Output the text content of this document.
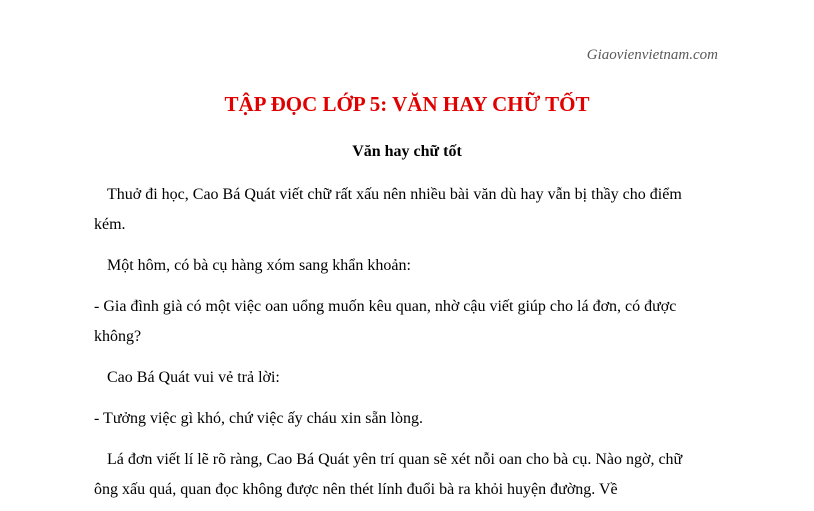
Giaovienvietnam.com
TẬP ĐỌC LỚP 5: VĂN HAY CHỮ TỐT
Văn hay chữ tốt

Thuở đi học, Cao Bá Quát viết chữ rất xấu nên nhiều bài văn dù hay vẫn bị thầy cho điểm kém.

Một hôm, có bà cụ hàng xóm sang khẩn khoản:

- Gia đình già có một việc oan uổng muốn kêu quan, nhờ cậu viết giúp cho lá đơn, có được không?

Cao Bá Quát vui vẻ trả lời:

- Tưởng việc gì khó, chứ việc ấy cháu xin sẵn lòng.

Lá đơn viết lí lẽ rõ ràng, Cao Bá Quát yên trí quan sẽ xét nỗi oan cho bà cụ. Nào ngờ, chữ ông xấu quá, quan đọc không được nên thét lính đuổi bà ra khỏi huyện đường. Về
